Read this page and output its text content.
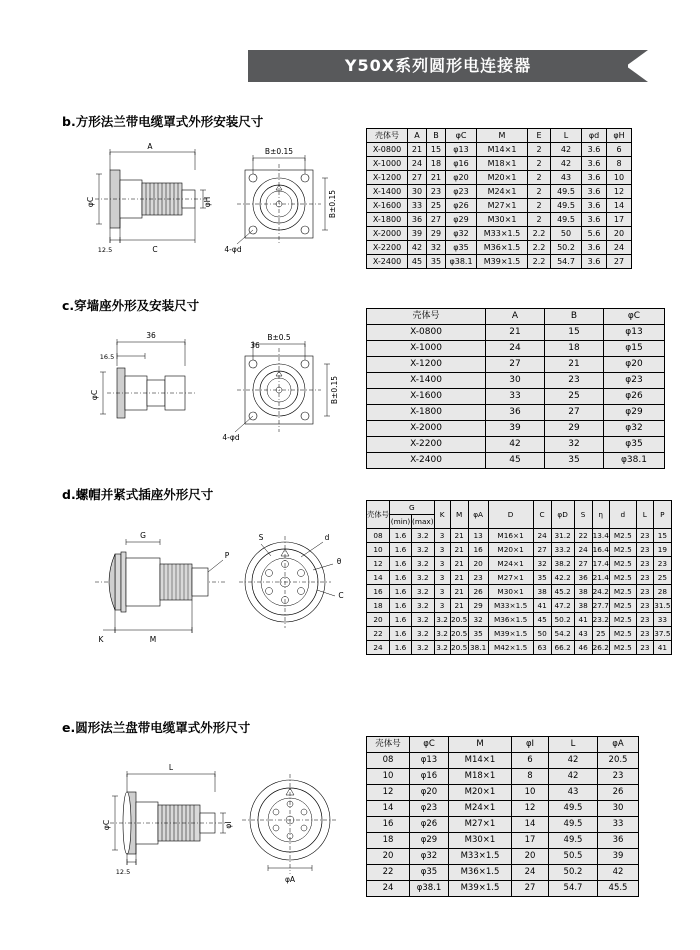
Y50X系列圆形电连接器
b.方形法兰带电缆罩式外形安装尺寸
A
φC	φH
12.5	C
B±0.15
B±0.15
4-φd
壳体号	A	B	φC	M	E	L	φd	φH
X-0800	21	15	φ13	M14×1	2	42	3.6	6
X-1000	24	18	φ16	M18×1	2	42	3.6	8
X-1200	27	21	φ20	M20×1	2	43	3.6	10
X-1400	30	23	φ23	M24×1	2	49.5	3.6	12
X-1600	33	25	φ26	M27×1	2	49.5	3.6	14
X-1800	36	27	φ29	M30×1	2	49.5	3.6	17
X-2000	39	29	φ32	M33×1.5	2.2	50	5.6	20
X-2200	42	32	φ35	M36×1.5	2.2	50.2	3.6	24
X-2400	45	35	φ38.1	M39×1.5	2.2	54.7	3.6	27
c.穿墙座外形及安装尺寸
36
16.5
φC
B±0.5
B±0.15
36
4-φd
壳体号	A	B	φC
X-0800	21	15	φ13
X-1000	24	18	φ15
X-1200	27	21	φ20
X-1400	30	23	φ23
X-1600	33	25	φ26
X-1800	36	27	φ29
X-2000	39	29	φ32
X-2200	42	32	φ35
X-2400	45	35	φ38.1
d.螺帽并紧式插座外形尺寸
K	M
G
P
d
θ
C
S
壳体号	G		K	M	φA	D	C	φD	S	η	d	L	P
	(min)	(max)											
08	1.6	3.2	3	21	13	M16×1	24	31.2	22	13.4	M2.5	23	15
10	1.6	3.2	3	21	16	M20×1	27	33.2	24	16.4	M2.5	23	19
12	1.6	3.2	3	21	20	M24×1	32	38.2	27	17.4	M2.5	23	23
14	1.6	3.2	3	21	23	M27×1	35	42.2	36	21.4	M2.5	23	25
16	1.6	3.2	3	21	26	M30×1	38	45.2	38	24.2	M2.5	23	28
18	1.6	3.2	3	21	29	M33×1.5	41	47.2	38	27.7	M2.5	23	31.5
20	1.6	3.2	3.2	20.5	32	M36×1.5	45	50.2	41	23.2	M2.5	23	33
22	1.6	3.2	3.2	20.5	35	M39×1.5	50	54.2	43	25	M2.5	23	37.5
24	1.6	3.2	3.2	20.5	38.1	M42×1.5	63	66.2	46	26.2	M2.5	23	41
e.圆形法兰盘带电缆罩式外形尺寸
L
φC	φI
12.5
φA
壳体号	φC	M	φI	L	φA
08	φ13	M14×1	6	42	20.5
10	φ16	M18×1	8	42	23
12	φ20	M20×1	10	43	26
14	φ23	M24×1	12	49.5	30
16	φ26	M27×1	14	49.5	33
18	φ29	M30×1	17	49.5	36
20	φ32	M33×1.5	20	50.5	39
22	φ35	M36×1.5	24	50.2	42
24	φ38.1	M39×1.5	27	54.7	45.5
